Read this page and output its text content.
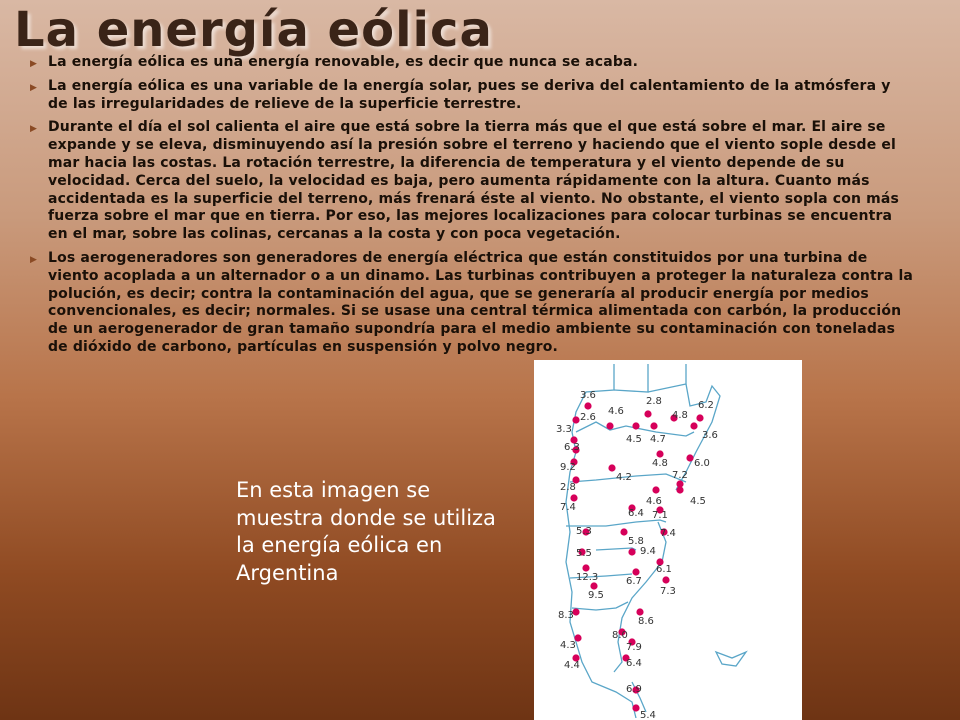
La energía eólica
▶ La energía eólica es una energía renovable, es decir que nunca se acaba.
▶ La energía eólica es una variable de la energía solar, pues se deriva del calentamiento de la atmósfera y de las irregularidades de relieve de la superficie terrestre.
▶ Durante el día el sol calienta el aire que está sobre la tierra más que el que está sobre el mar. El aire se expande y se eleva, disminuyendo así la presión sobre el terreno y haciendo que el viento sople desde el mar hacia las costas. La rotación terrestre, la diferencia de temperatura y el viento depende de su velocidad. Cerca del suelo, la velocidad es baja, pero aumenta rápidamente con la altura. Cuanto más accidentada es la superficie del terreno, más frenará éste al viento. No obstante, el viento sopla con más fuerza sobre el mar que en tierra. Por eso, las mejores localizaciones para colocar turbinas se encuentra en el mar, sobre las colinas, cercanas a la costa y con poca vegetación.
▶ Los aerogeneradores son generadores de energía eléctrica que están constituidos por una turbina de viento acoplada a un alternador o a un dinamo. Las turbinas contribuyen a proteger la naturaleza contra la polución, es decir; contra la contaminación del agua, que se generaría al producir energía por medios convencionales, es decir; normales. Si se usase una central térmica alimentada con carbón, la producción de un aerogenerador de gran tamaño supondría para el medio ambiente su contaminación con toneladas de dióxido de carbono, partículas en suspensión y polvo negro.

En esta imagen se muestra donde se utiliza la energía eólica en Argentina

3.6
2.8	6.2
2.6
4.6	4.8
3.3
3.6
4.5 4.7
6.3
4.8	6.0
9.2
4.2	7.2
2.8
4.6	4.5
7.4
6.4 7.1
5.3	7.4
5.8
5.5	9.4
6.1
12.3	6.7
7.3
9.5
8.3
8.6
8.0
4.3	7.9
4.4	6.4
6.9
5.4
